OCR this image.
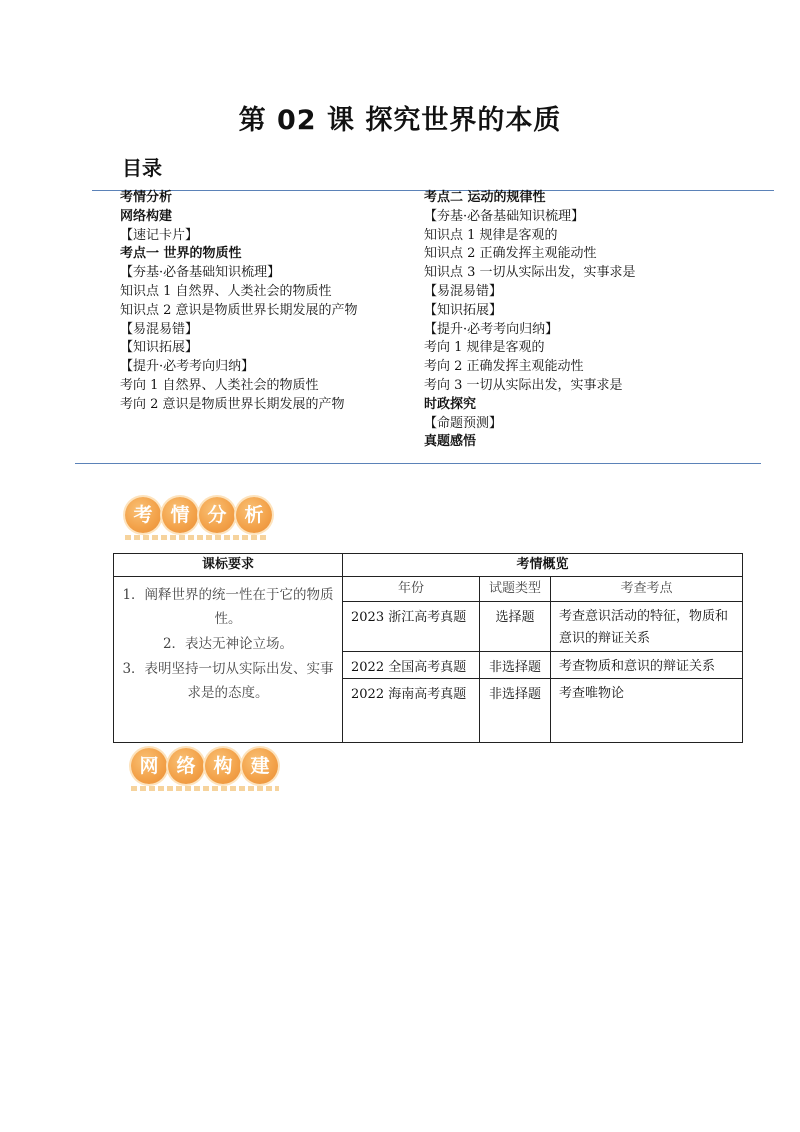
第 02 课 探究世界的本质
目录
考情分析
网络构建
【速记卡片】
考点一 世界的物质性
【夯基·必备基础知识梳理】
知识点 1 自然界、人类社会的物质性
知识点 2 意识是物质世界长期发展的产物
【易混易错】
【知识拓展】
【提升·必考考向归纳】
考向 1 自然界、人类社会的物质性
考向 2 意识是物质世界长期发展的产物
考点二 运动的规律性
【夯基·必备基础知识梳理】
知识点 1 规律是客观的
知识点 2 正确发挥主观能动性
知识点 3 一切从实际出发，实事求是
【易混易错】
【知识拓展】
【提升·必考考向归纳】
考向 1 规律是客观的
考向 2 正确发挥主观能动性
考向 3 一切从实际出发，实事求是
时政探究
【命题预测】
真题感悟
考 情 分 析
课标要求	考情概览		

1．阐释世界的统一性在于它的物质性。
2．表达无神论立场。
3．表明坚持一切从实际出发、实事求是的态度。	年份	试题类型	考查考点
	2023 浙江高考真题	选择题	考查意识活动的特征，物质和意识的辩证关系
	2022 全国高考真题	非选择题	考查物质和意识的辩证关系
	2022 海南高考真题	非选择题	考查唯物论
网 络 构 建
